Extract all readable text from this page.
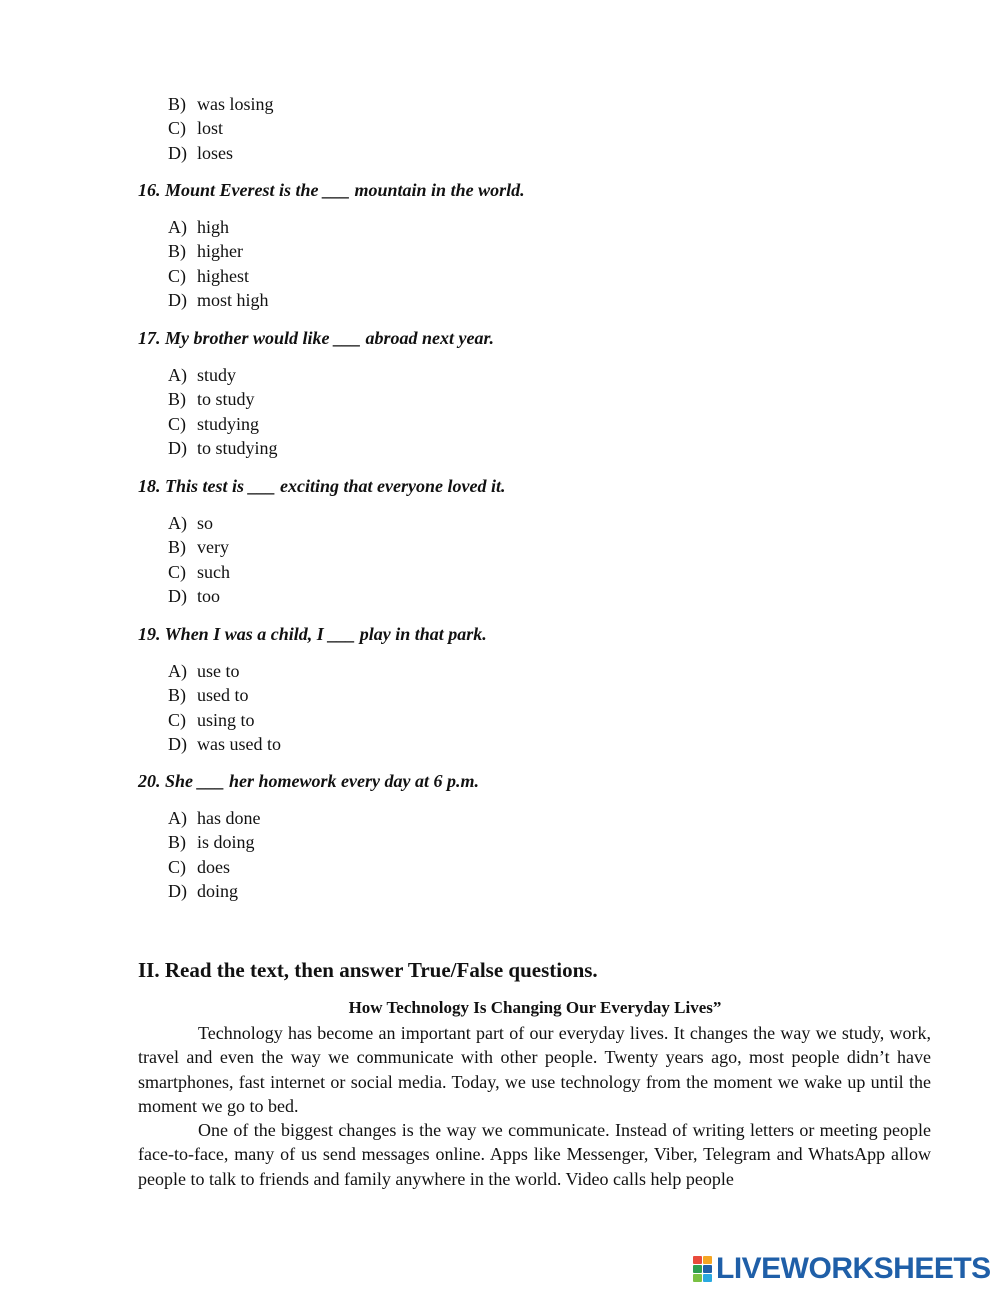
B) was losing
C) lost
D) loses
16. Mount Everest is the ___ mountain in the world.
A) high
B) higher
C) highest
D) most high
17. My brother would like ___ abroad next year.
A) study
B) to study
C) studying
D) to studying
18. This test is ___ exciting that everyone loved it.
A) so
B) very
C) such
D) too
19. When I was a child, I ___ play in that park.
A) use to
B) used to
C) using to
D) was used to
20. She ___ her homework every day at 6 p.m.
A) has done
B) is doing
C) does
D) doing
II. Read the text, then answer True/False questions.
How Technology Is Changing Our Everyday Lives”

Technology has become an important part of our everyday lives. It changes the way we study, work, travel and even the way we communicate with other people. Twenty years ago, most people didn’t have smartphones, fast internet or social media. Today, we use technology from the moment we wake up until the moment we go to bed.

One of the biggest changes is the way we communicate. Instead of writing letters or meeting people face-to-face, many of us send messages online. Apps like Messenger, Viber, Telegram and WhatsApp allow people to talk to friends and family anywhere in the world. Video calls help people

LIVEWORKSHEETS
